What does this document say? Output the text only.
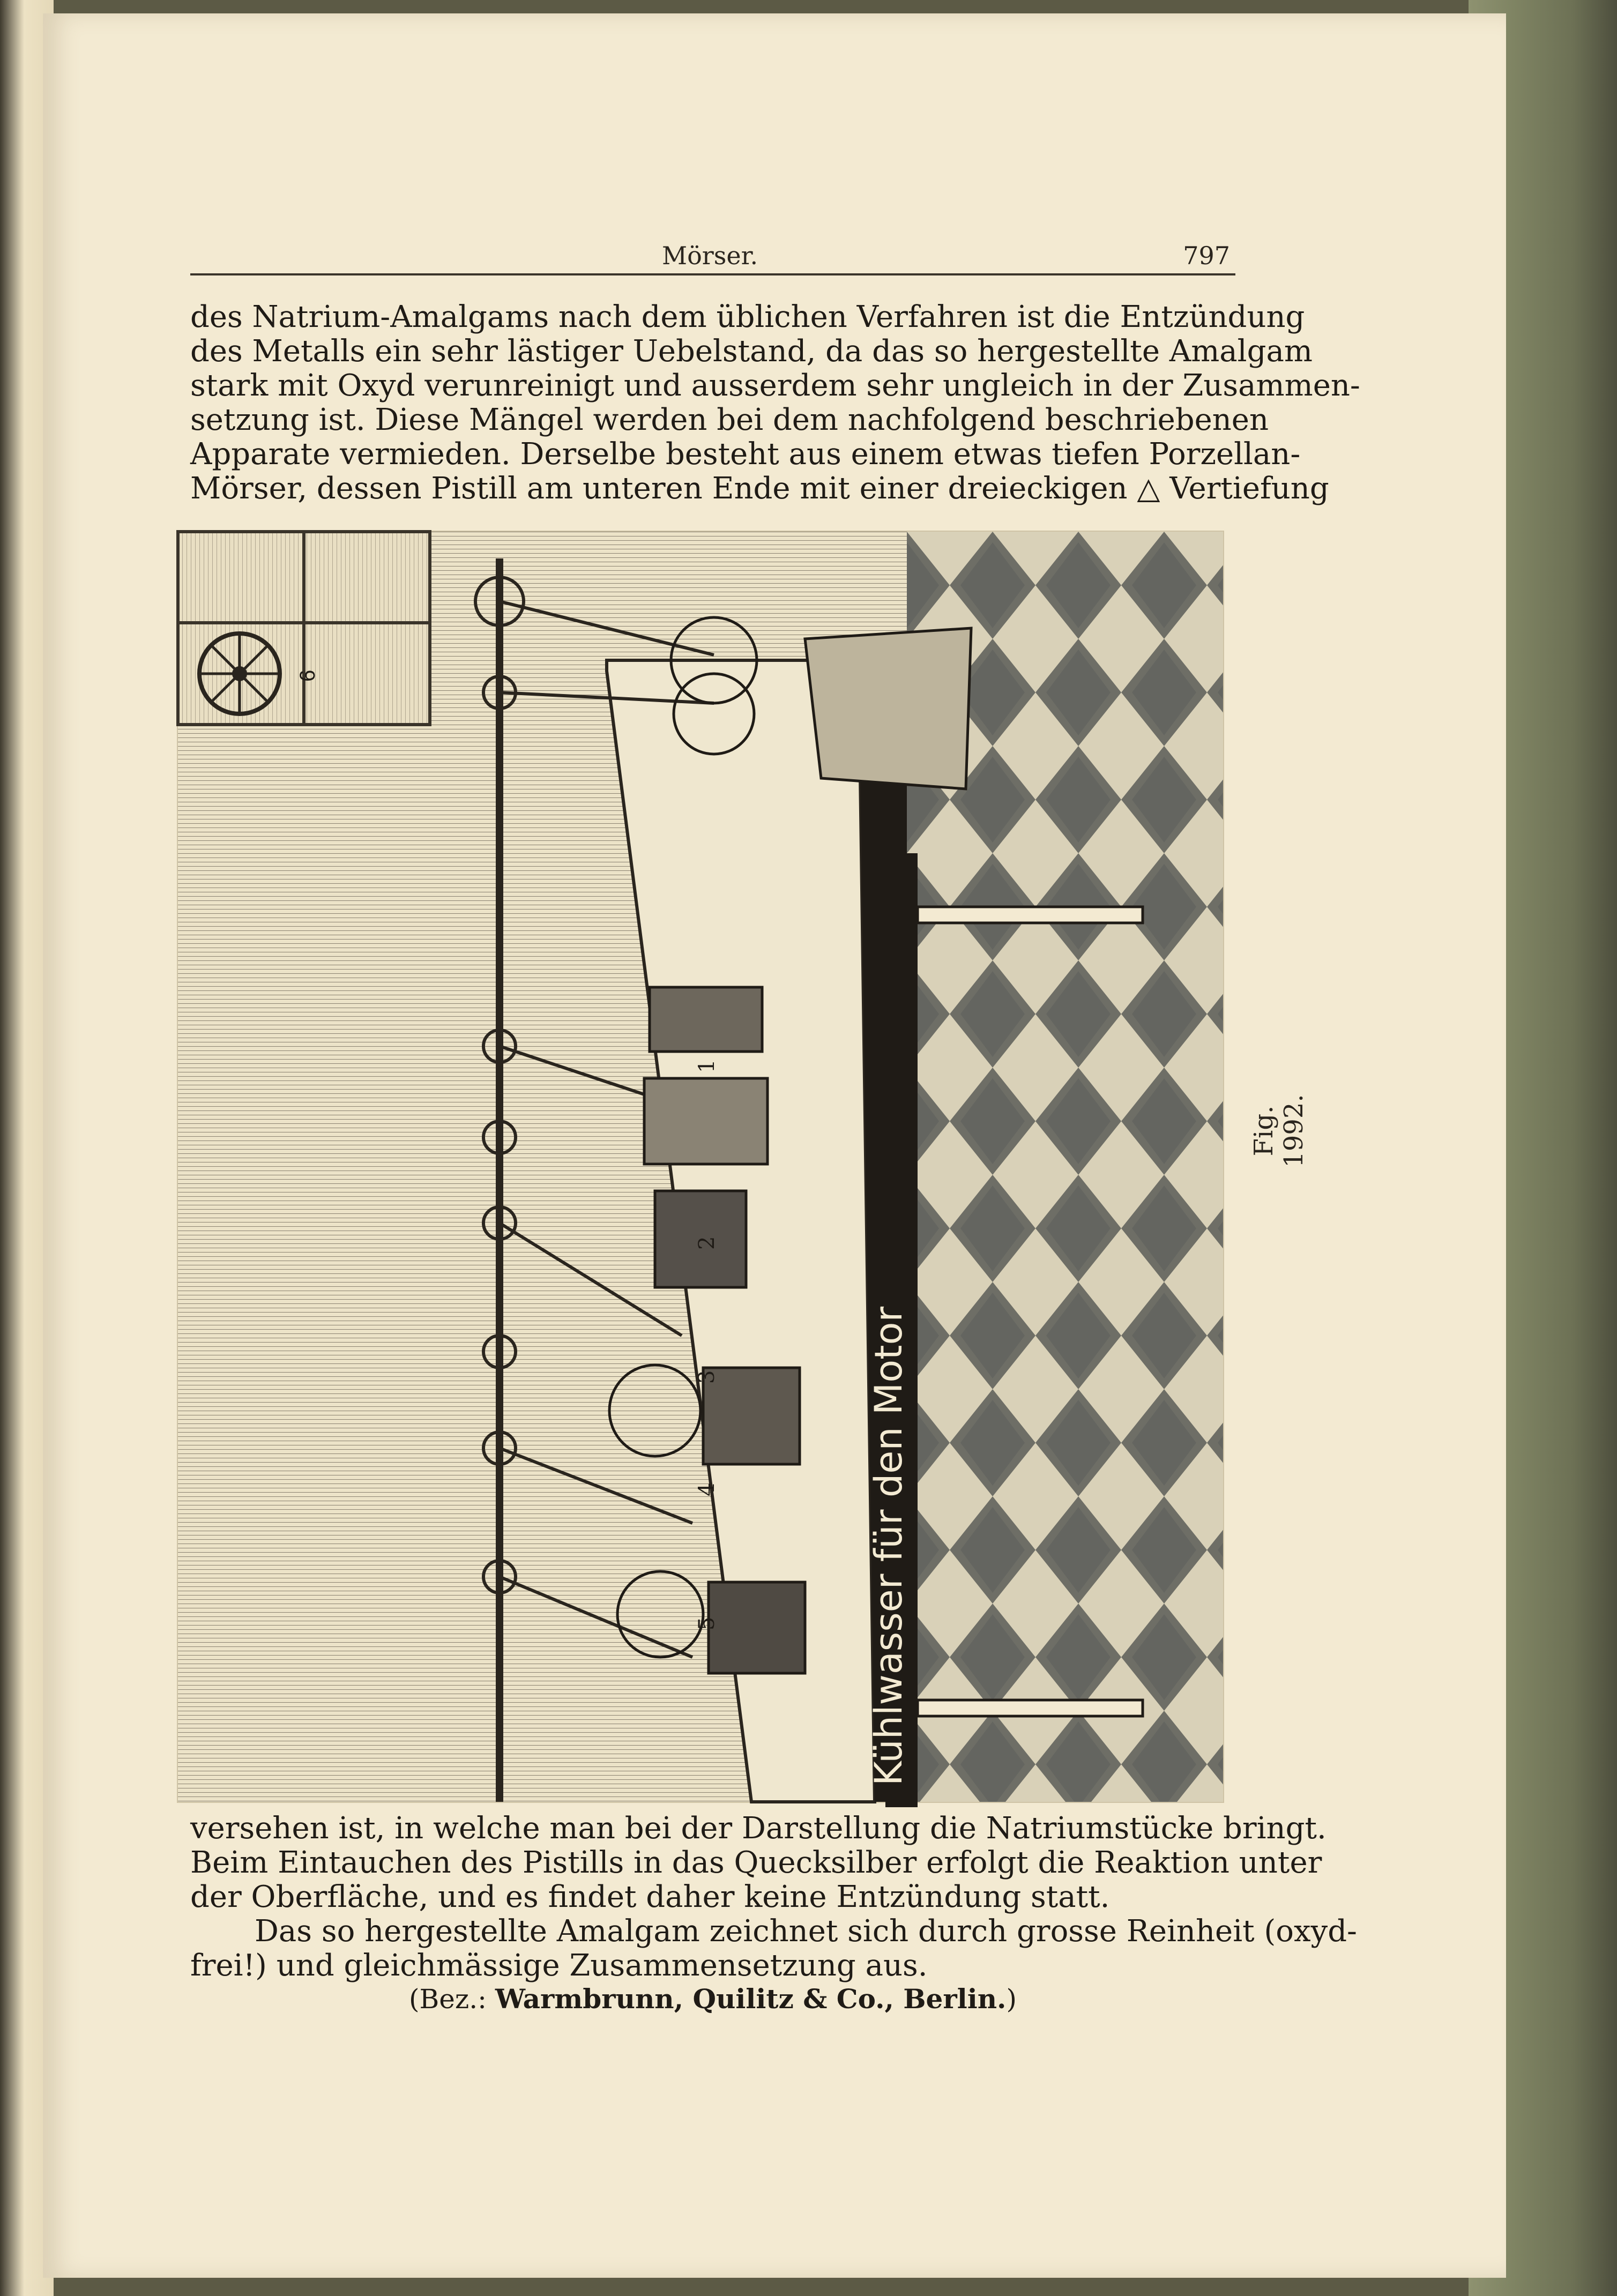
Mörser.	797
des Natrium-Amalgams nach dem üblichen Verfahren ist die Entzündung
des Metalls ein sehr lästiger Uebelstand, da das so hergestellte Amalgam
stark mit Oxyd verunreinigt und ausserdem sehr ungleich in der Zusammen-
setzung ist. Diese Mängel werden bei dem nachfolgend beschriebenen
Apparate vermieden. Derselbe besteht aus einem etwas tiefen Porzellan-
Mörser, dessen Pistill am unteren Ende mit einer dreieckigen △ Vertiefung
6
Kühlwasser für den Motor
1
2
3
4
5
Fig. 1992.
versehen ist, in welche man bei der Darstellung die Natriumstücke bringt.
Beim Eintauchen des Pistills in das Quecksilber erfolgt die Reaktion unter
der Oberfläche, und es findet daher keine Entzündung statt.
Das so hergestellte Amalgam zeichnet sich durch grosse Reinheit (oxyd-
frei!) und gleichmässige Zusammensetzung aus.
(Bez.: Warmbrunn, Quilitz & Co., Berlin.)
